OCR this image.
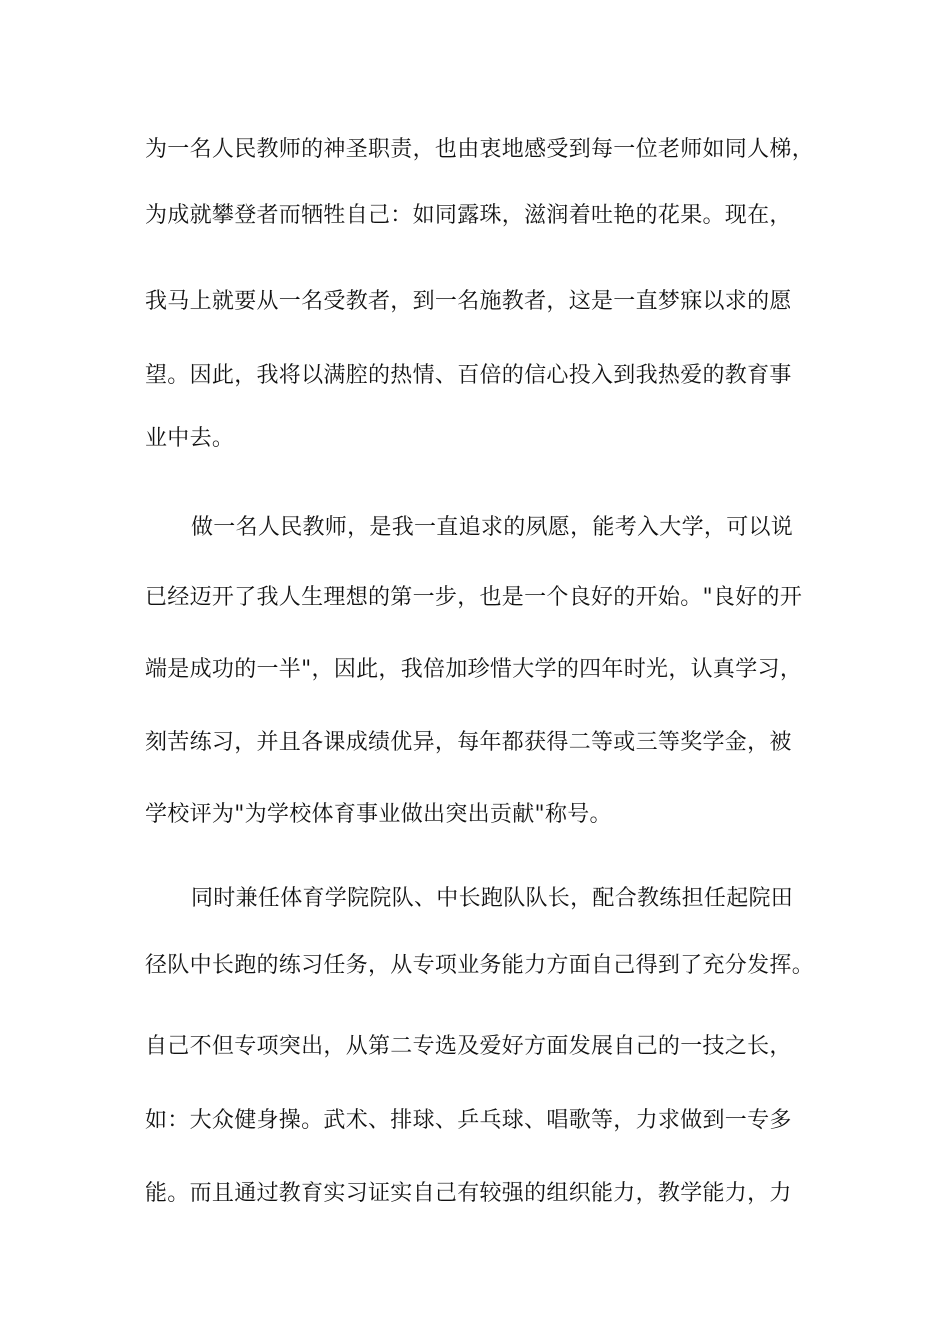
为一名人民教师的神圣职责，也由衷地感受到每一位老师如同人梯，
为成就攀登者而牺牲自己：如同露珠，滋润着吐艳的花果。现在，
我马上就要从一名受教者，到一名施教者，这是一直梦寐以求的愿
望。因此，我将以满腔的热情、百倍的信心投入到我热爱的教育事
业中去。
做一名人民教师，是我一直追求的夙愿，能考入大学，可以说
已经迈开了我人生理想的第一步，也是一个良好的开始。"良好的开
端是成功的一半"，因此，我倍加珍惜大学的四年时光，认真学习，
刻苦练习，并且各课成绩优异，每年都获得二等或三等奖学金，被
学校评为"为学校体育事业做出突出贡献"称号。
同时兼任体育学院院队、中长跑队队长，配合教练担任起院田
径队中长跑的练习任务，从专项业务能力方面自己得到了充分发挥。
自己不但专项突出，从第二专选及爱好方面发展自己的一技之长，
如：大众健身操。武术、排球、乒乓球、唱歌等，力求做到一专多
能。而且通过教育实习证实自己有较强的组织能力，教学能力，力
